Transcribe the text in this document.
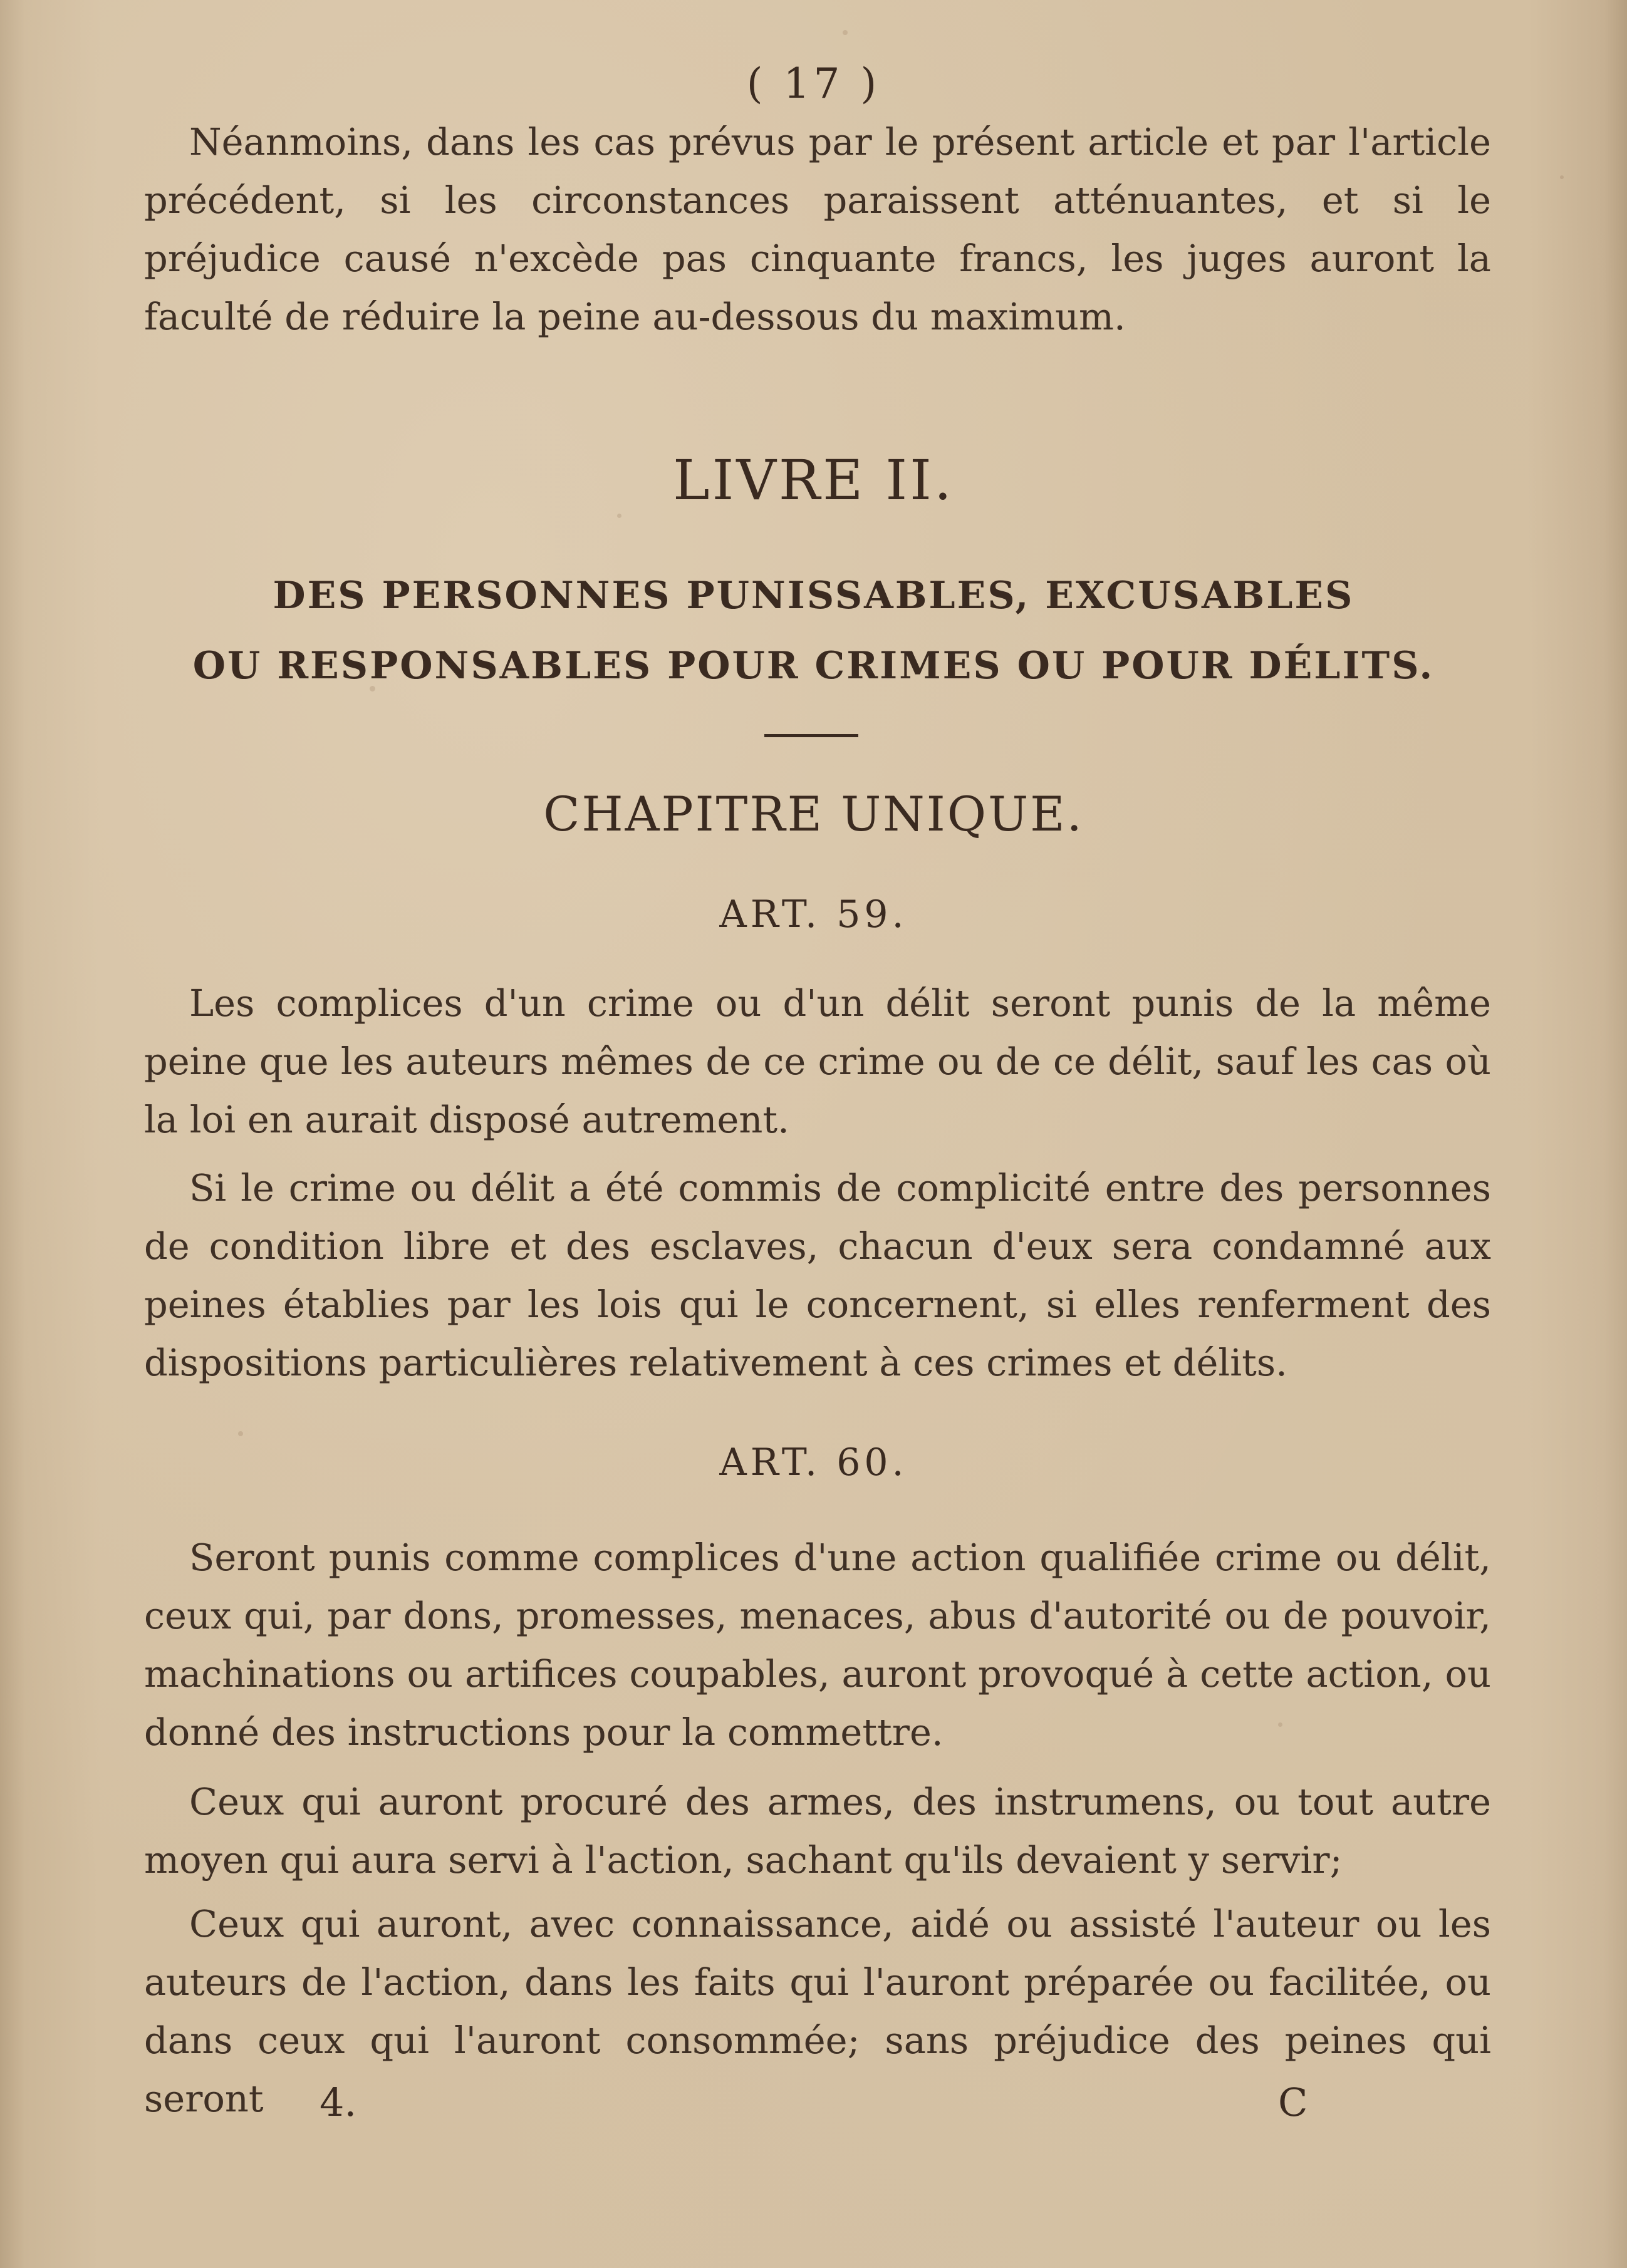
( 17 )

Néanmoins, dans les cas prévus par le présent article et par l'article précédent, si les circonstances paraissent atténuantes, et si le préjudice causé n'excède pas cinquante francs, les juges auront la faculté de réduire la peine au-dessous du maximum.

LIVRE II.
DES PERSONNES PUNISSABLES, EXCUSABLES
OU RESPONSABLES POUR CRIMES OU POUR DÉLITS.
CHAPITRE UNIQUE.
ART. 59.

Les complices d'un crime ou d'un délit seront punis de la même peine que les auteurs mêmes de ce crime ou de ce délit, sauf les cas où la loi en aurait disposé autrement.

Si le crime ou délit a été commis de complicité entre des personnes de condition libre et des esclaves, chacun d'eux sera condamné aux peines établies par les lois qui le concernent, si elles renferment des dispositions particulières relativement à ces crimes et délits.

ART. 60.

Seront punis comme complices d'une action qualifiée crime ou délit, ceux qui, par dons, promesses, menaces, abus d'autorité ou de pouvoir, machinations ou artifices coupables, auront provoqué à cette action, ou donné des instructions pour la commettre.

Ceux qui auront procuré des armes, des instrumens, ou tout autre moyen qui aura servi à l'action, sachant qu'ils devaient y servir;

Ceux qui auront, avec connaissance, aidé ou assisté l'auteur ou les auteurs de l'action, dans les faits qui l'auront préparée ou facilitée, ou dans ceux qui l'auront consommée; sans préjudice des peines qui seront	4.	C
